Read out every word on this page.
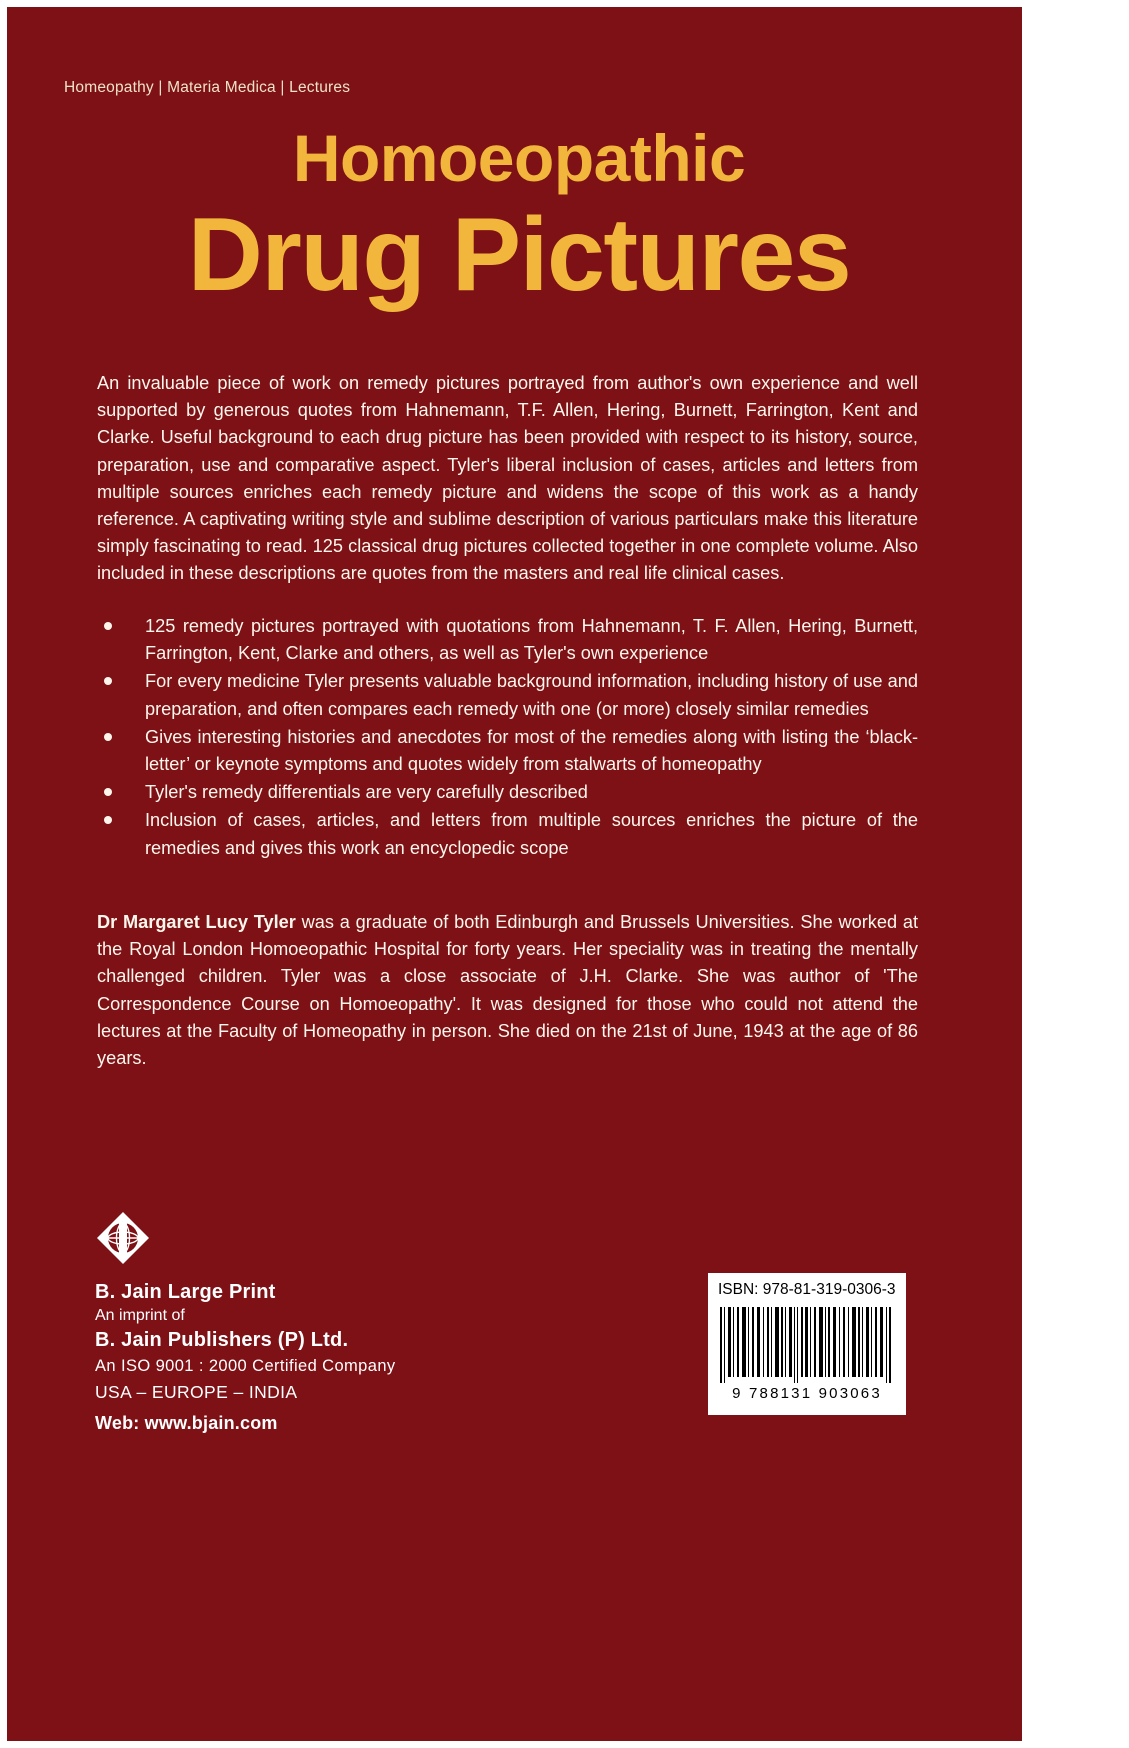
Homeopathy | Materia Medica | Lectures
Homoeopathic
Drug Pictures
An invaluable piece of work on remedy pictures portrayed from author's own experience and well supported by generous quotes from Hahnemann, T.F. Allen, Hering, Burnett, Farrington, Kent and Clarke. Useful background to each drug picture has been provided with respect to its history, source, preparation, use and comparative aspect. Tyler's liberal inclusion of cases, articles and letters from multiple sources enriches each remedy picture and widens the scope of this work as a handy reference. A captivating writing style and sublime description of various particulars make this literature simply fascinating to read. 125 classical drug pictures collected together in one complete volume. Also included in these descriptions are quotes from the masters and real life clinical cases.
125 remedy pictures portrayed with quotations from Hahnemann, T. F. Allen, Hering, Burnett, Farrington, Kent, Clarke and others, as well as Tyler's own experience
For every medicine Tyler presents valuable background information, including history of use and preparation, and often compares each remedy with one (or more) closely similar remedies
Gives interesting histories and anecdotes for most of the remedies along with listing the ‘black-letter’ or keynote symptoms and quotes widely from stalwarts of homeopathy
Tyler's remedy differentials are very carefully described
Inclusion of cases, articles, and letters from multiple sources enriches the picture of the remedies and gives this work an encyclopedic scope
Dr Margaret Lucy Tyler was a graduate of both Edinburgh and Brussels Universities. She worked at the Royal London Homoeopathic Hospital for forty years. Her speciality was in treating the mentally challenged children. Tyler was a close associate of J.H. Clarke. She was author of 'The Correspondence Course on Homoeopathy'. It was designed for those who could not attend the lectures at the Faculty of Homeopathy in person. She died on the 21st of June, 1943 at the age of 86 years.
B. Jain Large Print
An imprint of
B. Jain Publishers (P) Ltd.
An ISO 9001 : 2000 Certified Company
USA – EUROPE – INDIA
Web: www.bjain.com
ISBN: 978-81-319-0306-3
9 788131 903063
